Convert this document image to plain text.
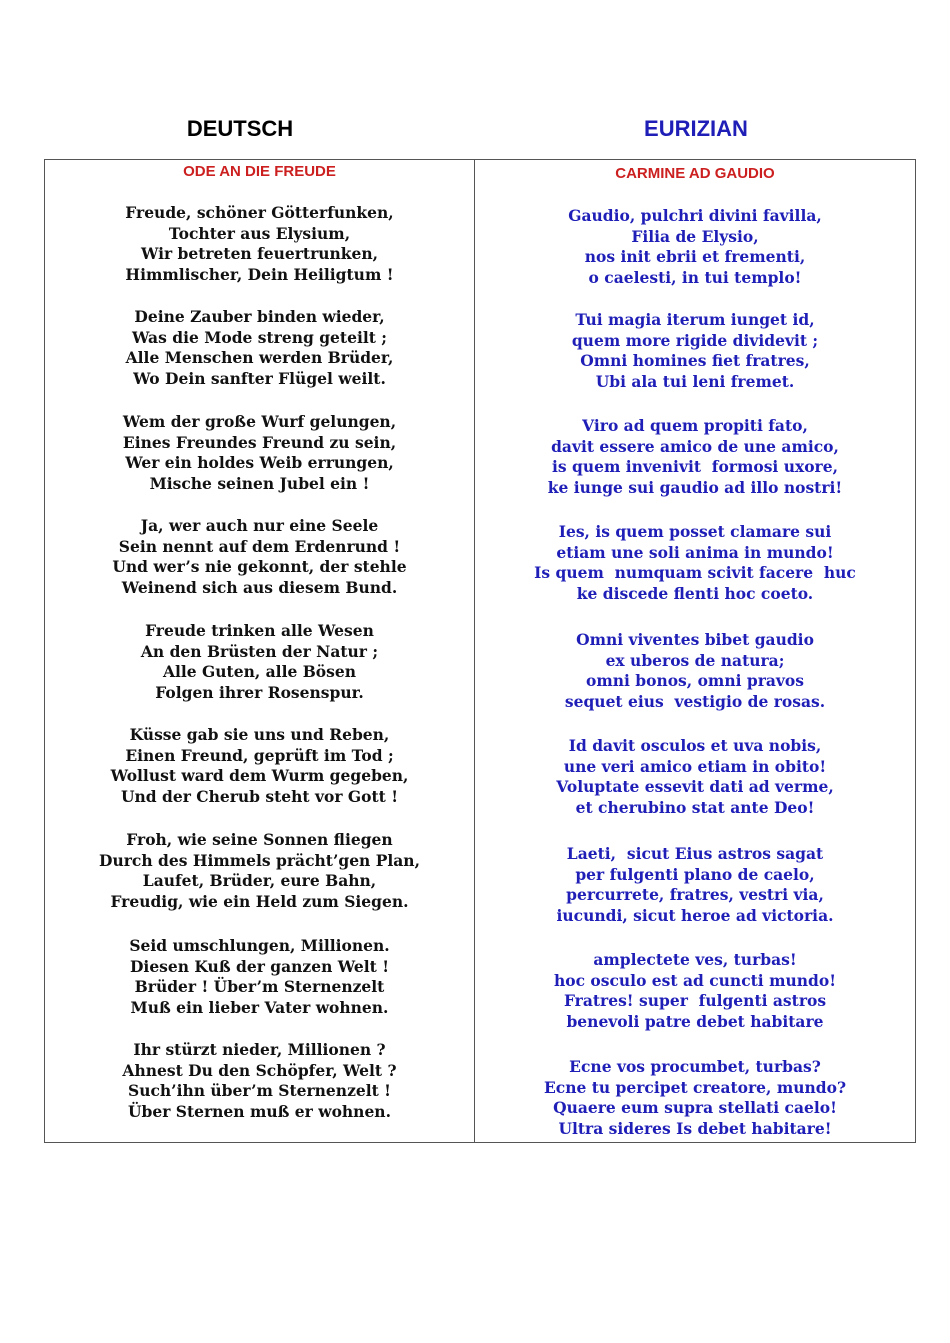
DEUTSCH	EURIZIAN
ODE AN DIE FREUDE
Freude, schöner Götterfunken,
Tochter aus Elysium,
Wir betreten feuertrunken,
Himmlischer, Dein Heiligtum !
Deine Zauber binden wieder,
Was die Mode streng geteilt ;
Alle Menschen werden Brüder,
Wo Dein sanfter Flügel weilt.
Wem der große Wurf gelungen,
Eines Freundes Freund zu sein,
Wer ein holdes Weib errungen,
Mische seinen Jubel ein !
Ja, wer auch nur eine Seele
Sein nennt auf dem Erdenrund !
Und wer’s nie gekonnt, der stehle
Weinend sich aus diesem Bund.
Freude trinken alle Wesen
An den Brüsten der Natur ;
Alle Guten, alle Bösen
Folgen ihrer Rosenspur.
Küsse gab sie uns und Reben,
Einen Freund, geprüft im Tod ;
Wollust ward dem Wurm gegeben,
Und der Cherub steht vor Gott !
Froh, wie seine Sonnen fliegen
Durch des Himmels prächt’gen Plan,
Laufet, Brüder, eure Bahn,
Freudig, wie ein Held zum Siegen.
Seid umschlungen, Millionen.
Diesen Kuß der ganzen Welt !
Brüder ! Über’m Sternenzelt
Muß ein lieber Vater wohnen.
Ihr stürzt nieder, Millionen ?
Ahnest Du den Schöpfer, Welt ?
Such’ihn über’m Sternenzelt !
Über Sternen muß er wohnen.
CARMINE AD GAUDIO
Gaudio, pulchri divini favilla,
Filia de Elysio,
nos init ebrii et frementi,
o caelesti, in tui templo!
Tui magia iterum iunget id,
quem more rigide dividevit ;
Omni homines fiet fratres,
Ubi ala tui leni fremet.
Viro ad quem propiti fato,
davit essere amico de une amico,
is quem invenivit  formosi uxore,
ke iunge sui gaudio ad illo nostri!
Ies, is quem posset clamare sui
etiam une soli anima in mundo!
Is quem  numquam scivit facere  huc
ke discede flenti hoc coeto.
Omni viventes bibet gaudio
ex uberos de natura;
omni bonos, omni pravos
sequet eius  vestigio de rosas.
Id davit osculos et uva nobis,
une veri amico etiam in obito!
Voluptate essevit dati ad verme,
et cherubino stat ante Deo!
Laeti,  sicut Eius astros sagat
per fulgenti plano de caelo,
percurrete, fratres, vestri via,
iucundi, sicut heroe ad victoria.
amplectete ves, turbas!
hoc osculo est ad cuncti mundo!
Fratres! super  fulgenti astros
benevoli patre debet habitare
Ecne vos procumbet, turbas?
Ecne tu percipet creatore, mundo?
Quaere eum supra stellati caelo!
Ultra sideres Is debet habitare!
